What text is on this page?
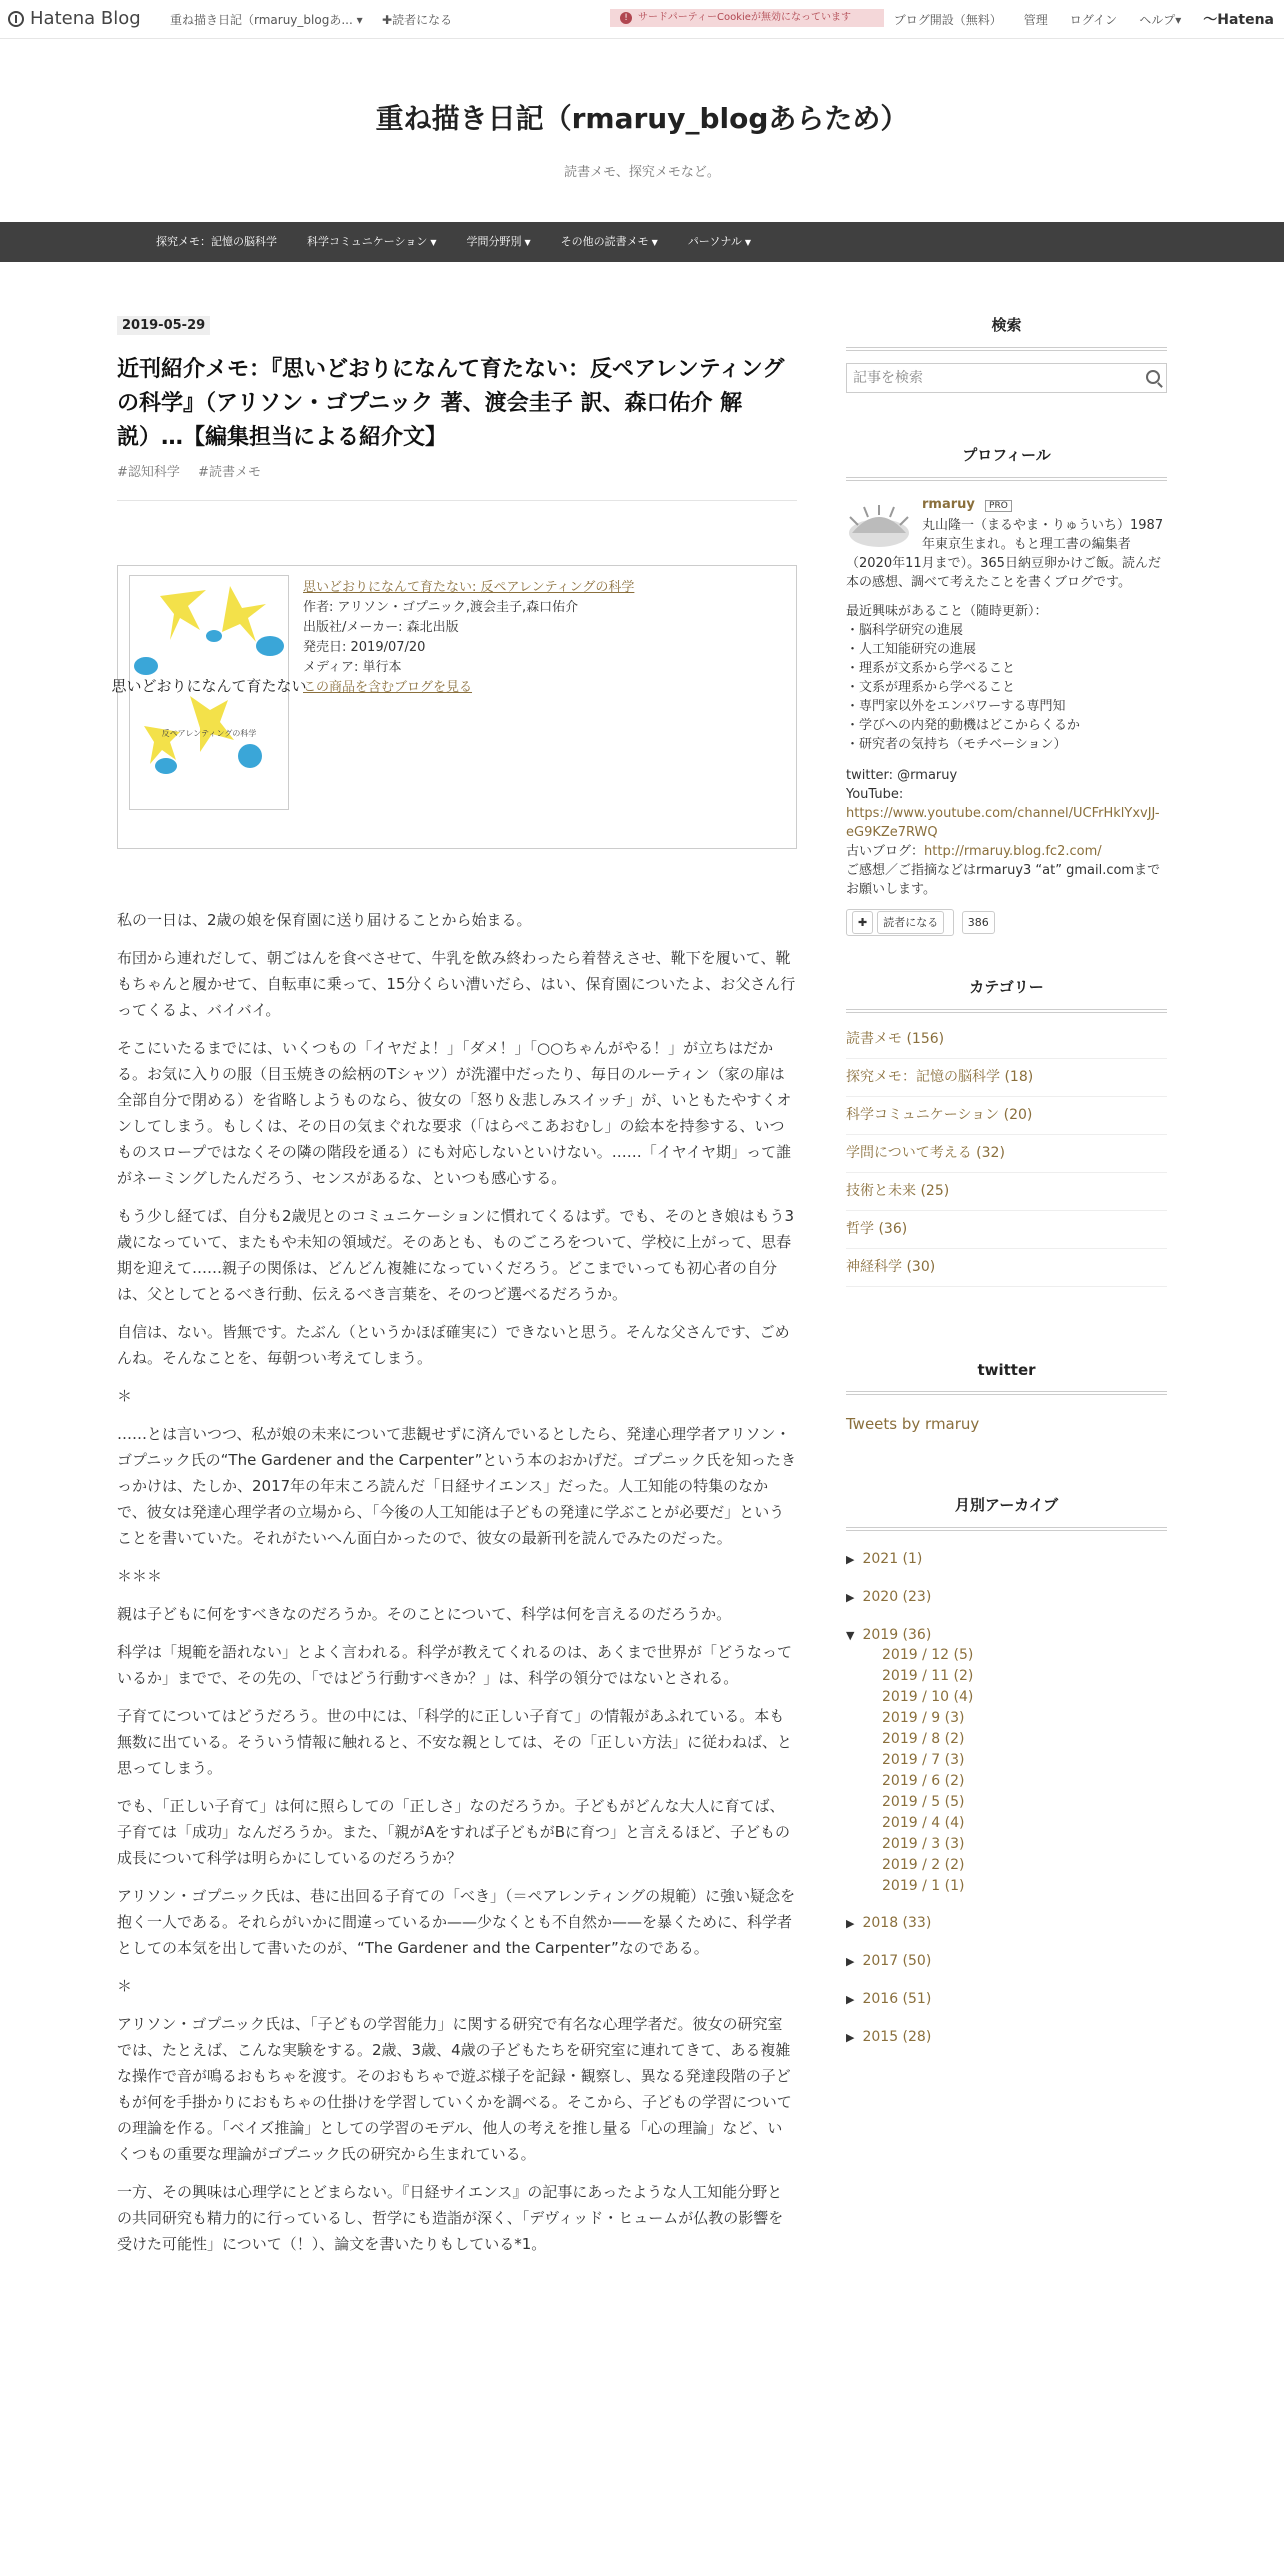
Hatena Blog 重ね描き日記（rmaruy_blogあ... ▾ ✚読者になる	! サードパーティーCookieが無効になっています	ブログ開設（無料） 管理 ログイン ヘルプ▾ 〜Hatena
重ね描き日記（rmaruy_blogあらため）
読書メモ、探究メモなど。
探究メモ：記憶の脳科学	科学コミュニケーション ▼	学問分野別 ▼	その他の読書メモ ▼	パーソナル ▼
2019-05-29
近刊紹介メモ：『思いどおりになんて育たない：反ペアレンティングの科学』（アリソン・ゴプニック 著、渡会圭子 訳、森口佑介 解説）…【編集担当による紹介文】
#認知科学 #読書メモ
思いどおりになんて育たない
反ペアレンティングの科学
思いどおりになんて育たない: 反ペアレンティングの科学
作者: アリソン・ゴプニック,渡会圭子,森口佑介
出版社/メーカー: 森北出版
発売日: 2019/07/20
メディア: 単行本
この商品を含むブログを見る

私の一日は、2歳の娘を保育園に送り届けることから始まる。

布団から連れだして、朝ごはんを食べさせて、牛乳を飲み終わったら着替えさせ、靴下を履いて、靴もちゃんと履かせて、自転車に乗って、15分くらい漕いだら、はい、保育園についたよ、お父さん行ってくるよ、バイバイ。

そこにいたるまでには、いくつもの「イヤだよ！」「ダメ！」「○○ちゃんがやる！」が立ちはだかる。お気に入りの服（目玉焼きの絵柄のTシャツ）が洗濯中だったり、毎日のルーティン（家の扉は全部自分で閉める）を省略しようものなら、彼女の「怒り＆悲しみスイッチ」が、いともたやすくオンしてしまう。もしくは、その日の気まぐれな要求（「はらぺこあおむし」の絵本を持参する、いつものスロープではなくその隣の階段を通る）にも対応しないといけない。……「イヤイヤ期」って誰がネーミングしたんだろう、センスがあるな、といつも感心する。

もう少し経てば、自分も2歳児とのコミュニケーションに慣れてくるはず。でも、そのとき娘はもう3歳になっていて、またもや未知の領域だ。そのあとも、ものごころをついて、学校に上がって、思春期を迎えて……親子の関係は、どんどん複雑になっていくだろう。どこまでいっても初心者の自分は、父としてとるべき行動、伝えるべき言葉を、そのつど選べるだろうか。

自信は、ない。皆無です。たぶん（というかほぼ確実に）できないと思う。そんな父さんです、ごめんね。そんなことを、毎朝つい考えてしまう。

＊

……とは言いつつ、私が娘の未来について悲観せずに済んでいるとしたら、発達心理学者アリソン・ゴプニック氏の“The Gardener and the Carpenter”という本のおかげだ。ゴプニック氏を知ったきっかけは、たしか、2017年の年末ころ読んだ「日経サイエンス」だった。人工知能の特集のなかで、彼女は発達心理学者の立場から、「今後の人工知能は子どもの発達に学ぶことが必要だ」ということを書いていた。それがたいへん面白かったので、彼女の最新刊を読んでみたのだった。

＊＊＊

親は子どもに何をすべきなのだろうか。そのことについて、科学は何を言えるのだろうか。

科学は「規範を語れない」とよく言われる。科学が教えてくれるのは、あくまで世界が「どうなっているか」までで、その先の、「ではどう行動すべきか？」は、科学の領分ではないとされる。

子育てについてはどうだろう。世の中には、「科学的に正しい子育て」の情報があふれている。本も無数に出ている。そういう情報に触れると、不安な親としては、その「正しい方法」に従わねば、と思ってしまう。

でも、「正しい子育て」は何に照らしての「正しさ」なのだろうか。子どもがどんな大人に育てば、子育ては「成功」なんだろうか。また、「親がAをすれば子どもがBに育つ」と言えるほど、子どもの成長について科学は明らかにしているのだろうか？

アリソン・ゴプニック氏は、巷に出回る子育ての「べき」（＝ペアレンティングの規範）に強い疑念を抱く一人である。それらがいかに間違っているか——少なくとも不自然か——を暴くために、科学者としての本気を出して書いたのが、“The Gardener and the Carpenter”なのである。

＊

アリソン・ゴプニック氏は、「子どもの学習能力」に関する研究で有名な心理学者だ。彼女の研究室では、たとえば、こんな実験をする。2歳、3歳、4歳の子どもたちを研究室に連れてきて、ある複雑な操作で音が鳴るおもちゃを渡す。そのおもちゃで遊ぶ様子を記録・観察し、異なる発達段階の子どもが何を手掛かりにおもちゃの仕掛けを学習していくかを調べる。そこから、子どもの学習についての理論を作る。「ベイズ推論」としての学習のモデル、他人の考えを推し量る「心の理論」など、いくつもの重要な理論がゴプニック氏の研究から生まれている。

一方、その興味は心理学にとどまらない。『日経サイエンス』の記事にあったような人工知能分野との共同研究も精力的に行っているし、哲学にも造詣が深く、「デヴィッド・ヒュームが仏教の影響を受けた可能性」について（！）、論文を書いたりもしている*1。

検索
記事を検索
プロフィール
rmaruy PRO
丸山隆一（まるやま・りゅういち）1987年東京生まれ。もと理工書の編集者（2020年11月まで）。365日納豆卵かけご飯。読んだ本の感想、調べて考えたことを書くブログです。
最近興味があること（随時更新）：
・脳科学研究の進展
・人工知能研究の進展
・理系が文系から学べること
・文系が理系から学べること
・専門家以外をエンパワーする専門知
・学びへの内発的動機はどこからくるか
・研究者の気持ち（モチベーション）
twitter: @rmaruy
YouTube:
https://www.youtube.com/channel/UCFrHklYxvJJ-eG9KZe7RWQ
古いブログ：http://rmaruy.blog.fc2.com/
ご感想／ご指摘などはrmaruy3 “at” gmail.comまでお願いします。
✚ 読者になる	386
カテゴリー
読書メモ (156)
探究メモ：記憶の脳科学 (18)
科学コミュニケーション (20)
学問について考える (32)
技術と未来 (25)
哲学 (36)
神経科学 (30)
twitter
Tweets by rmaruy
月別アーカイブ
▶ 2021 (1)
▶ 2020 (23)
▼ 2019 (36)
2019 / 12 (5)
2019 / 11 (2)
2019 / 10 (4)
2019 / 9 (3)
2019 / 8 (2)
2019 / 7 (3)
2019 / 6 (2)
2019 / 5 (5)
2019 / 4 (4)
2019 / 3 (3)
2019 / 2 (2)
2019 / 1 (1)
▶ 2018 (33)
▶ 2017 (50)
▶ 2016 (51)
▶ 2015 (28)
